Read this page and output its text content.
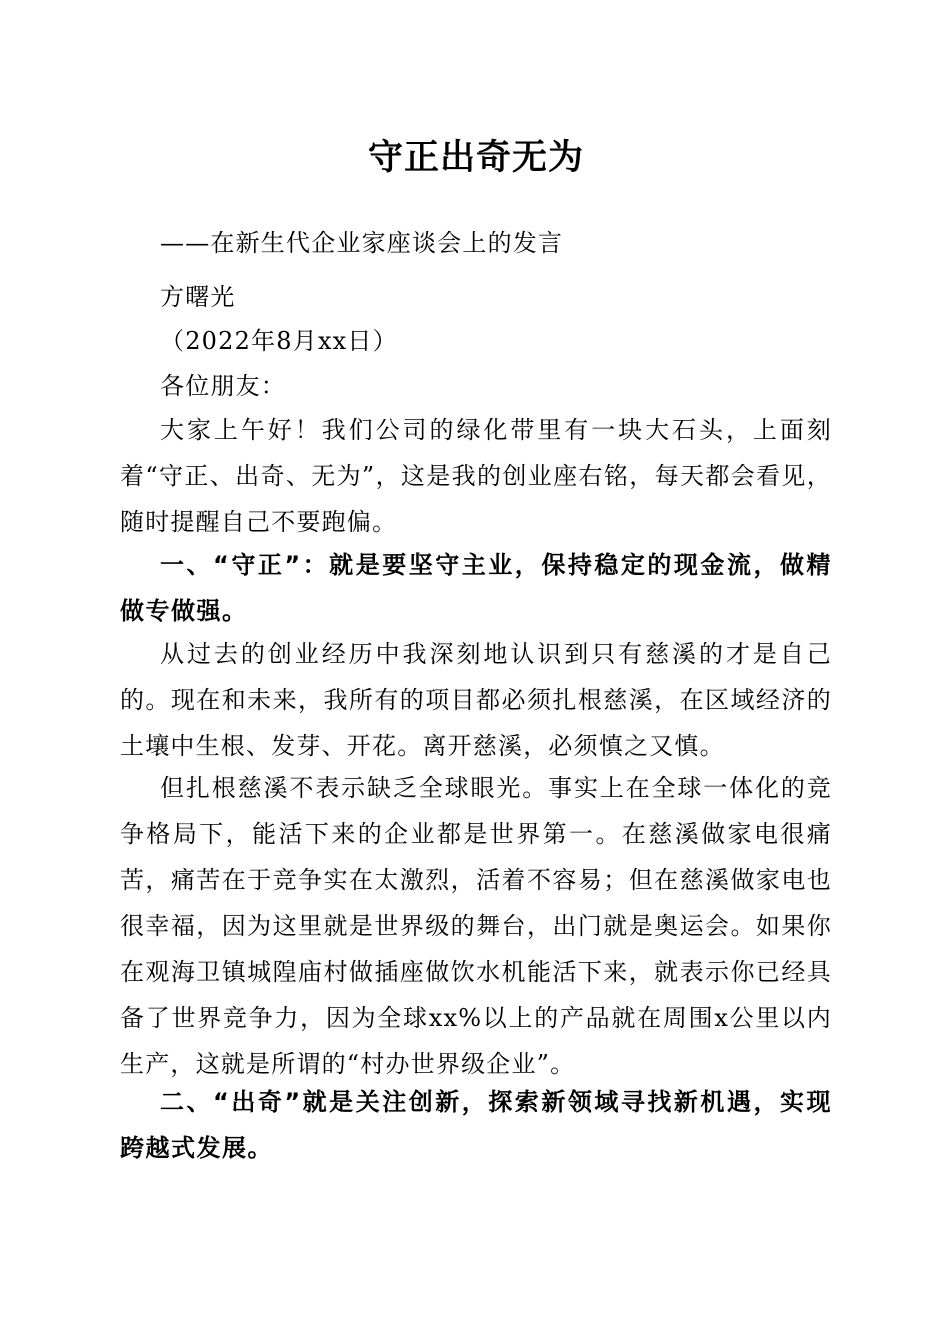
守正出奇无为

——在新生代企业家座谈会上的发言

方曙光

（2022年8月xx日）

各位朋友：

大家上午好！我们公司的绿化带里有一块大石头，上面刻着“守正、出奇、无为”，这是我的创业座右铭，每天都会看见，随时提醒自己不要跑偏。

一、“守正”：就是要坚守主业，保持稳定的现金流，做精做专做强。

从过去的创业经历中我深刻地认识到只有慈溪的才是自己的。现在和未来，我所有的项目都必须扎根慈溪，在区域经济的土壤中生根、发芽、开花。离开慈溪，必须慎之又慎。

但扎根慈溪不表示缺乏全球眼光。事实上在全球一体化的竞争格局下，能活下来的企业都是世界第一。在慈溪做家电很痛苦，痛苦在于竞争实在太激烈，活着不容易；但在慈溪做家电也很幸福，因为这里就是世界级的舞台，出门就是奥运会。如果你在观海卫镇城隍庙村做插座做饮水机能活下来，就表示你已经具备了世界竞争力，因为全球xx%以上的产品就在周围x公里以内生产，这就是所谓的“村办世界级企业”。

二、“出奇”就是关注创新，探索新领域寻找新机遇，实现跨越式发展。
